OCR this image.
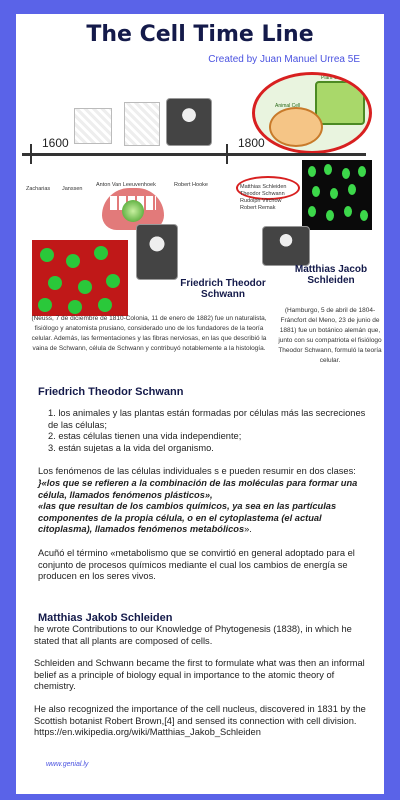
The Cell Time Line
Created by Juan Manuel Urrea 5E
Plant Cell
Animal Cell
1600	1800
Zacharias Janssen
Anton Van Leeuvenhoek	Robert Hooke	Matthias Schleiden
Theodor Schwann
Rudolph Virchow
Robert Remak
Friedrich Theodor Schwann
Matthias Jacob Schleiden
(Neuss, 7 de diciembre de 1810-Colonia, 11 de enero de 1882) fue un naturalista, fisiólogo y anatomista prusiano, considerado uno de los fundadores de la teoría celular. Además, las fermentaciones y las fibras nerviosas, en las que describió la vaina de Schwann, célula de Schwann y contribuyó notablemente a la histología.
(Hamburgo, 5 de abril de 1804-Fráncfort del Meno, 23 de junio de 1881) fue un botánico alemán que, junto con su compatriota el fisiólogo Theodor Schwann, formuló la teoría celular.
Friedrich Theodor Schwann
1. los animales y las plantas están formadas por células más las secreciones de las células;
2. estas células tienen una vida independiente;
3. están sujetas a la vida del organismo.
Los fenómenos de las células individuales s e pueden resumir en dos clases:
}«los que se refieren a la combinación de las moléculas para formar una célula, llamados fenómenos plásticos»,
«las que resultan de los cambios químicos, ya sea en las partículas componentes de la propia célula, o en el cytoplastema (el actual citoplasma), llamados fenómenos metabólicos».
Acuñó el término «metabolismo que se convirtió en general adoptado para el conjunto de procesos químicos mediante el cual los cambios de energía se producen en los seres vivos.
Matthias Jakob Schleiden
he wrote Contributions to our Knowledge of Phytogenesis (1838), in which he stated that all plants are composed of cells.
Schleiden and Schwann became the first to formulate what was then an informal belief as a principle of biology equal in importance to the atomic theory of chemistry.
He also recognized the importance of the cell nucleus, discovered in 1831 by the Scottish botanist Robert Brown,[4] and sensed its connection with cell division.
https://en.wikipedia.org/wiki/Matthias_Jakob_Schleiden
www.genial.ly
